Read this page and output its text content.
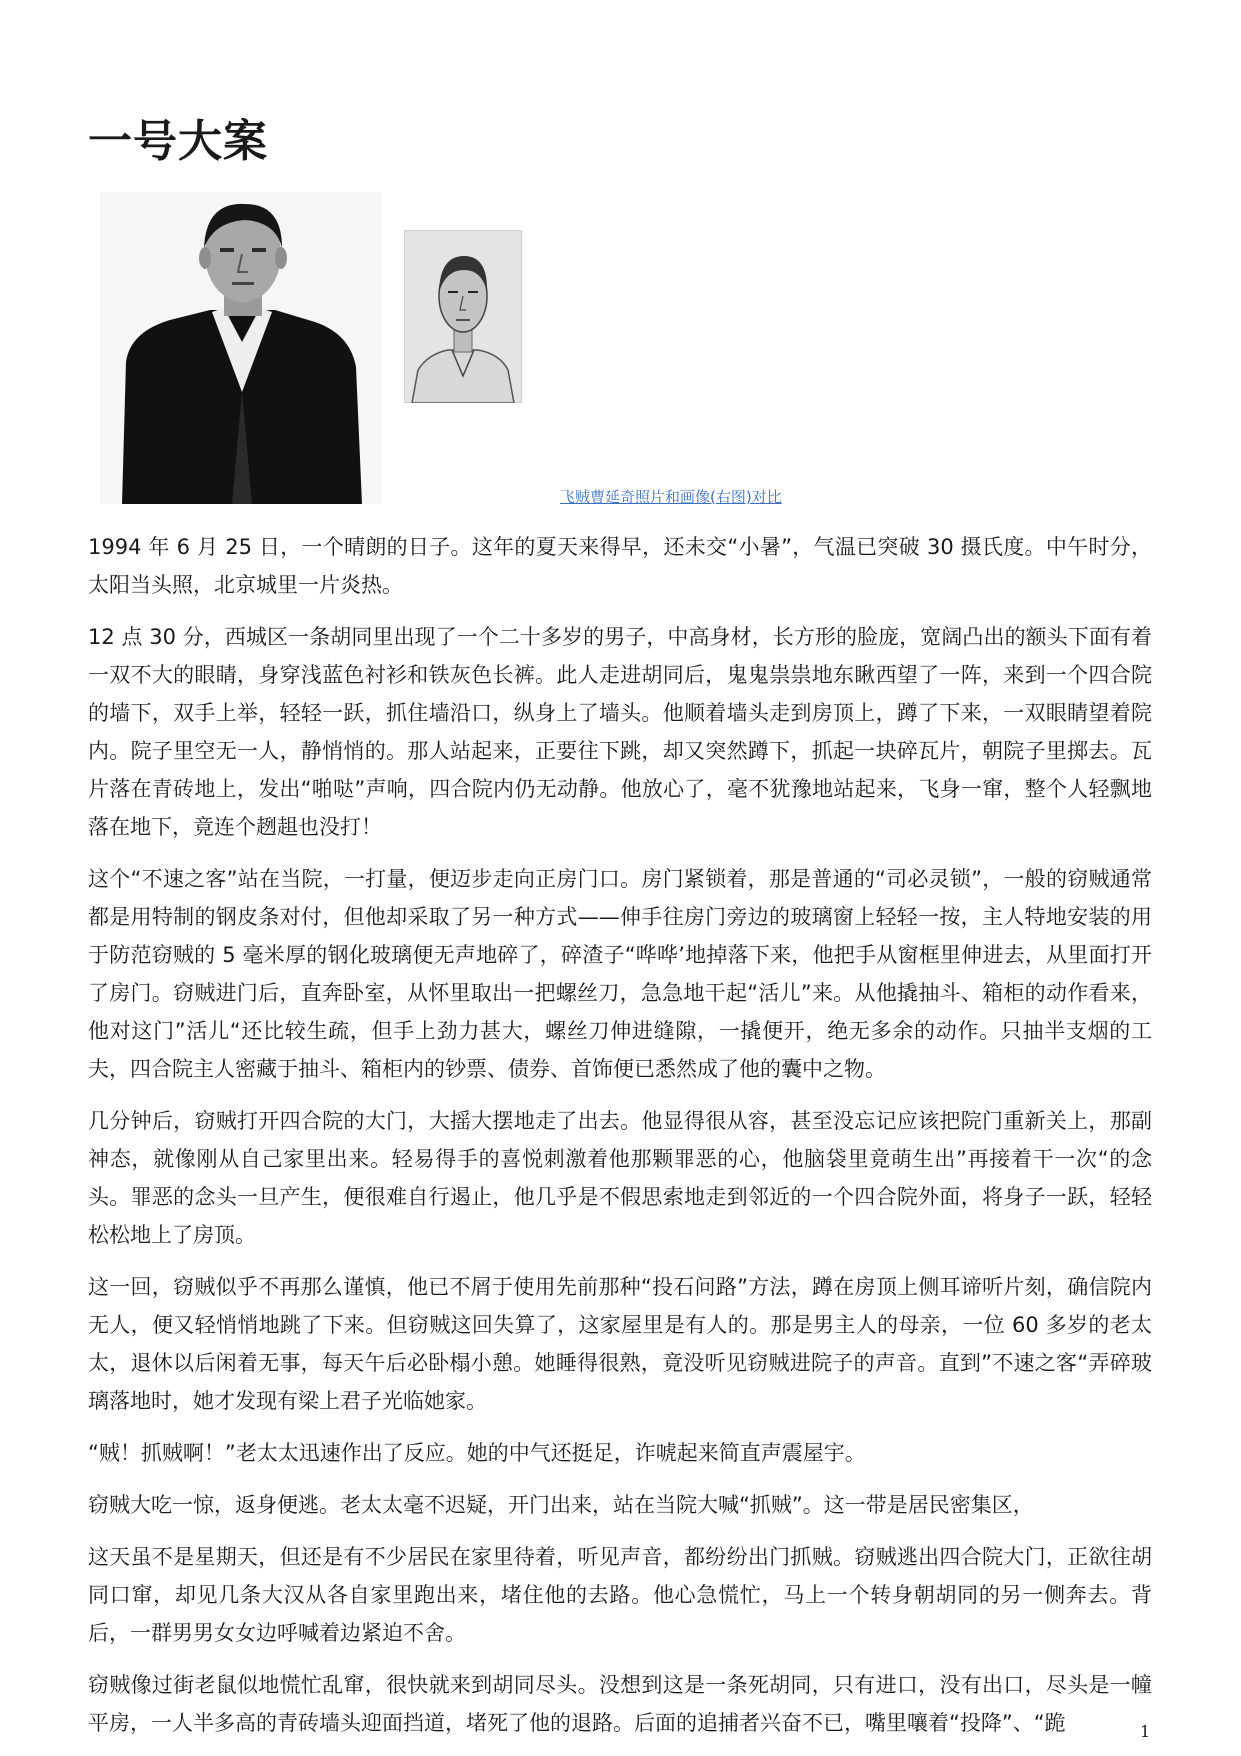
一号大案
飞贼曹延奇照片和画像(右图)对比

1994 年 6 月 25 日，一个晴朗的日子。这年的夏天来得早，还未交“小暑”，气温已突破 30 摄氏度。中午时分，太阳当头照，北京城里一片炎热。

12 点 30 分，西城区一条胡同里出现了一个二十多岁的男子，中高身材，长方形的脸庞，宽阔凸出的额头下面有着一双不大的眼睛，身穿浅蓝色衬衫和铁灰色长裤。此人走进胡同后，鬼鬼祟祟地东瞅西望了一阵，来到一个四合院的墙下，双手上举，轻轻一跃，抓住墙沿口，纵身上了墙头。他顺着墙头走到房顶上，蹲了下来，一双眼睛望着院内。院子里空无一人，静悄悄的。那人站起来，正要往下跳，却又突然蹲下，抓起一块碎瓦片，朝院子里掷去。瓦片落在青砖地上，发出“啪哒”声响，四合院内仍无动静。他放心了，毫不犹豫地站起来，飞身一窜，整个人轻飘地落在地下，竟连个趔趄也没打！

这个“不速之客”站在当院，一打量，便迈步走向正房门口。房门紧锁着，那是普通的“司必灵锁”，一般的窃贼通常都是用特制的钢皮条对付，但他却采取了另一种方式——伸手往房门旁边的玻璃窗上轻轻一按，主人特地安装的用于防范窃贼的 5 毫米厚的钢化玻璃便无声地碎了，碎渣子“哗哗’地掉落下来，他把手从窗框里伸进去，从里面打开了房门。窃贼进门后，直奔卧室，从怀里取出一把螺丝刀，急急地干起“活儿”来。从他撬抽斗、箱柜的动作看来，他对这门”活儿“还比较生疏，但手上劲力甚大，螺丝刀伸进缝隙，一撬便开，绝无多余的动作。只抽半支烟的工夫，四合院主人密藏于抽斗、箱柜内的钞票、债券、首饰便已悉然成了他的囊中之物。

几分钟后，窃贼打开四合院的大门，大摇大摆地走了出去。他显得很从容，甚至没忘记应该把院门重新关上，那副神态，就像刚从自己家里出来。轻易得手的喜悦刺激着他那颗罪恶的心，他脑袋里竟萌生出”再接着干一次“的念头。罪恶的念头一旦产生，便很难自行遏止，他几乎是不假思索地走到邻近的一个四合院外面，将身子一跃，轻轻松松地上了房顶。

这一回，窃贼似乎不再那么谨慎，他已不屑于使用先前那种“投石问路”方法，蹲在房顶上侧耳谛听片刻，确信院内无人，便又轻悄悄地跳了下来。但窃贼这回失算了，这家屋里是有人的。那是男主人的母亲，一位 60 多岁的老太太，退休以后闲着无事，每天午后必卧榻小憩。她睡得很熟，竟没听见窃贼进院子的声音。直到”不速之客“弄碎玻璃落地时，她才发现有梁上君子光临她家。

“贼！抓贼啊！”老太太迅速作出了反应。她的中气还挺足，诈唬起来简直声震屋宇。

窃贼大吃一惊，返身便逃。老太太毫不迟疑，开门出来，站在当院大喊“抓贼”。这一带是居民密集区，

这天虽不是星期天，但还是有不少居民在家里待着，听见声音，都纷纷出门抓贼。窃贼逃出四合院大门，正欲往胡同口窜，却见几条大汉从各自家里跑出来，堵住他的去路。他心急慌忙，马上一个转身朝胡同的另一侧奔去。背后，一群男男女女边呼喊着边紧迫不舍。

窃贼像过街老鼠似地慌忙乱窜，很快就来到胡同尽头。没想到这是一条死胡同，只有进口，没有出口，尽头是一幢平房，一人半多高的青砖墙头迎面挡道，堵死了他的退路。后面的追捕者兴奋不已，嘴里嚷着“投降”、“跪	1
